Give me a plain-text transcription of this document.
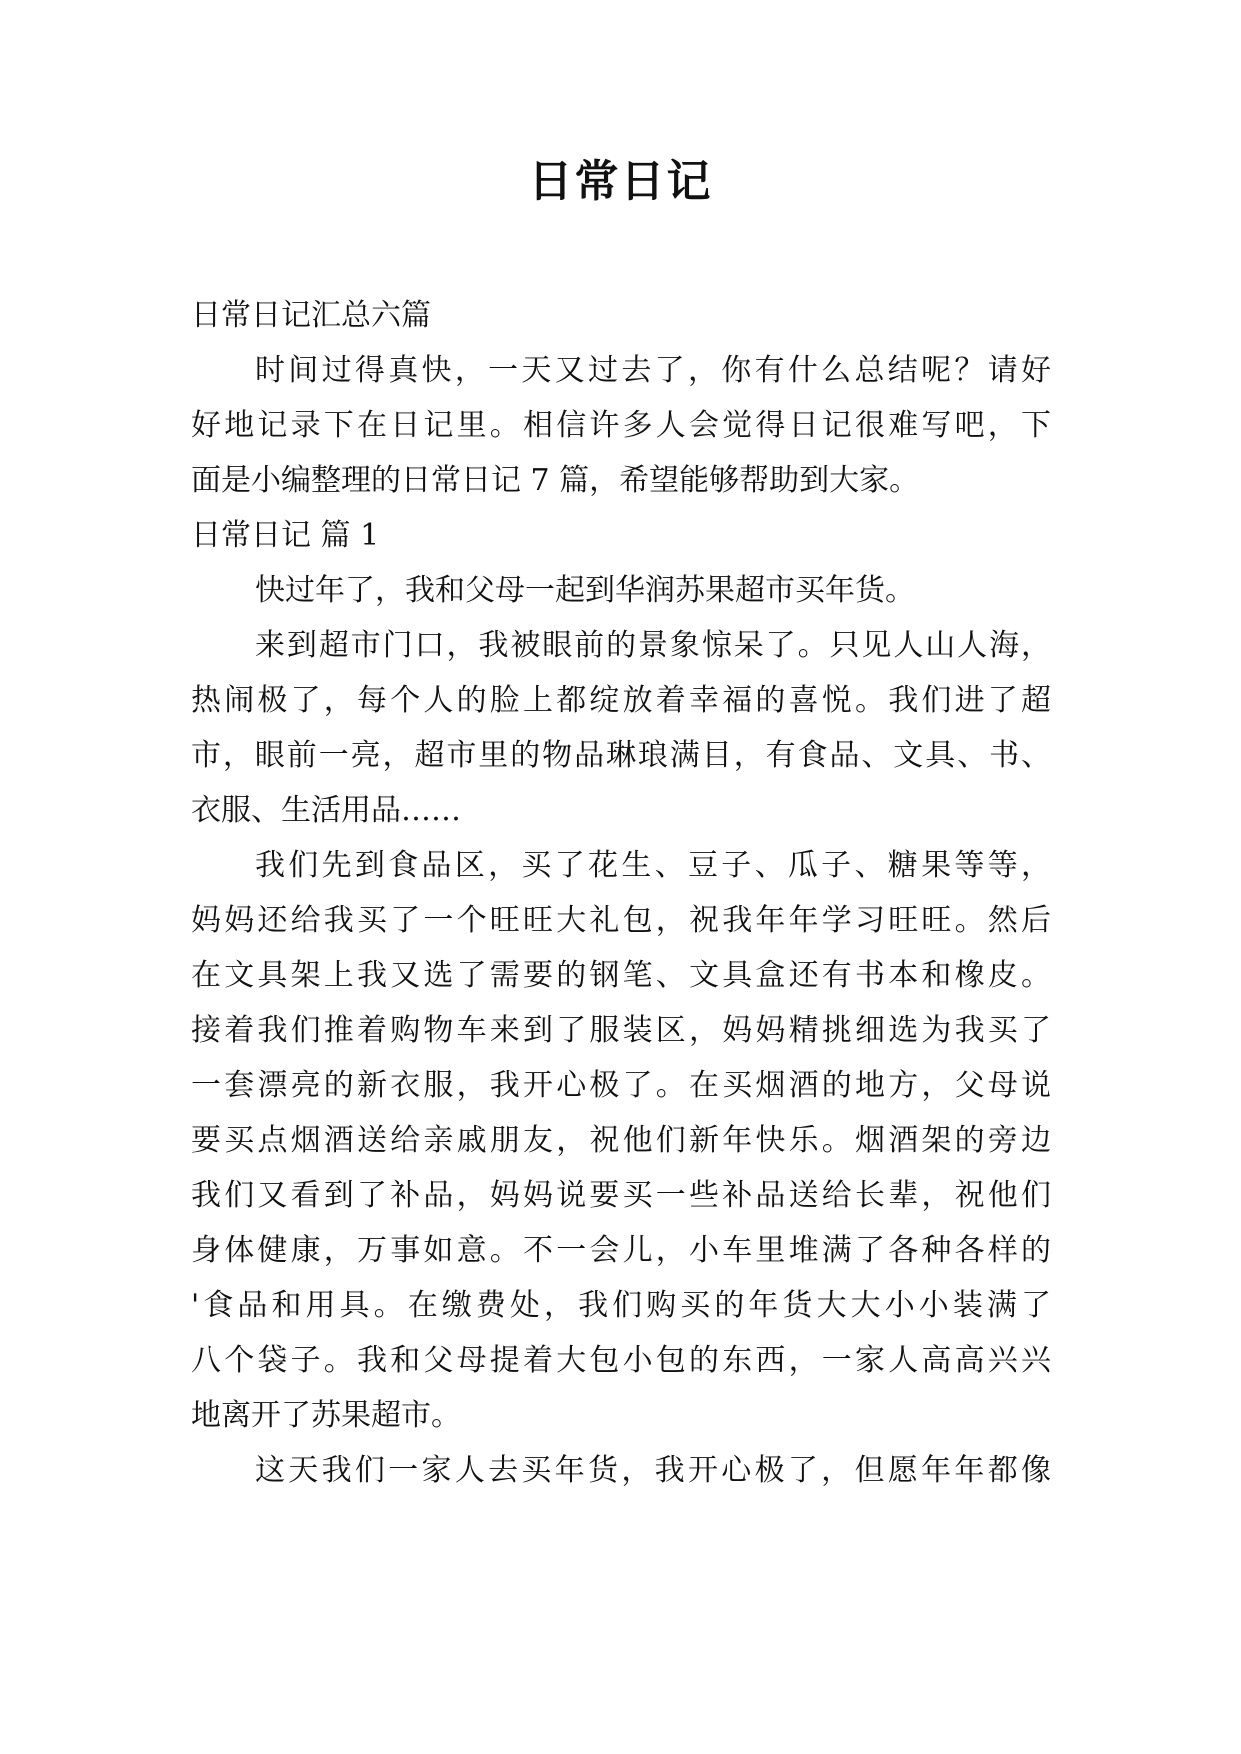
日常日记
日常日记汇总六篇
时间过得真快，一天又过去了，你有什么总结呢？请好
好地记录下在日记里。相信许多人会觉得日记很难写吧，下
面是小编整理的日常日记 7 篇，希望能够帮助到大家。
日常日记 篇 1
快过年了，我和父母一起到华润苏果超市买年货。
来到超市门口，我被眼前的景象惊呆了。只见人山人海，
热闹极了，每个人的脸上都绽放着幸福的喜悦。我们进了超
市，眼前一亮，超市里的物品琳琅满目，有食品、文具、书、
衣服、生活用品……
我们先到食品区，买了花生、豆子、瓜子、糖果等等，
妈妈还给我买了一个旺旺大礼包，祝我年年学习旺旺。然后
在文具架上我又选了需要的钢笔、文具盒还有书本和橡皮。
接着我们推着购物车来到了服装区，妈妈精挑细选为我买了
一套漂亮的新衣服，我开心极了。在买烟酒的地方，父母说
要买点烟酒送给亲戚朋友，祝他们新年快乐。烟酒架的旁边
我们又看到了补品，妈妈说要买一些补品送给长辈，祝他们
身体健康，万事如意。不一会儿，小车里堆满了各种各样的
'食品和用具。在缴费处，我们购买的年货大大小小装满了
八个袋子。我和父母提着大包小包的东西，一家人高高兴兴
地离开了苏果超市。
这天我们一家人去买年货，我开心极了，但愿年年都像
